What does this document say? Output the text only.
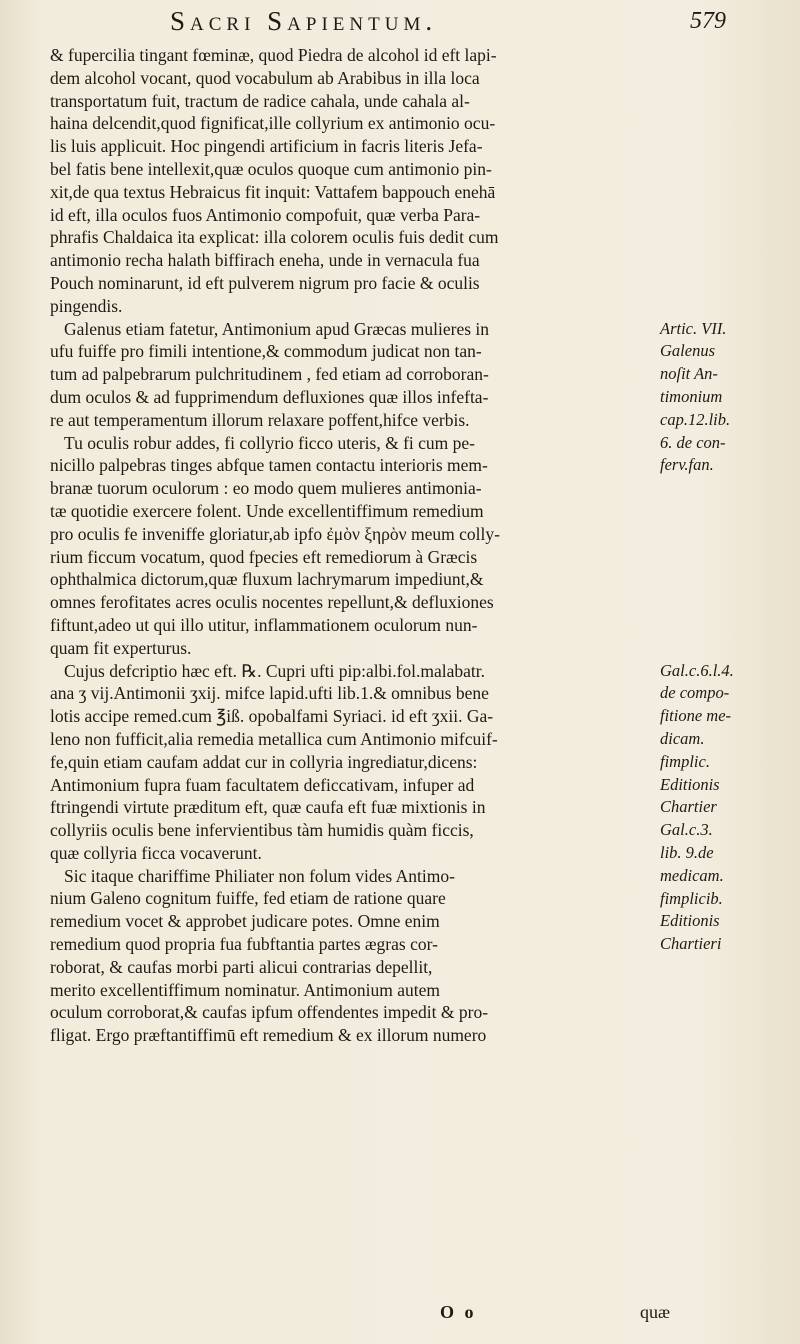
Sacri Sapientum.	579
& fupercilia tingant fœminæ, quod Piedra de alcohol id eft lapi-
dem alcohol vocant, quod vocabulum ab Arabibus in illa loca
transportatum fuit, tractum de radice cahala, unde cahala al-
haina delcendit,quod fignificat,ille collyrium ex antimonio ocu-
lis luis applicuit. Hoc pingendi artificium in facris literis Jefa-
bel fatis bene intellexit,quæ oculos quoque cum antimonio pin-
xit,de qua textus Hebraicus fit inquit: Vattafem bappouch enehā
id eft, illa oculos fuos Antimonio compofuit, quæ verba Para-
phrafis Chaldaica ita explicat: illa colorem oculis fuis dedit cum
antimonio recha halath biffirach eneha, unde in vernacula fua
Pouch nominarunt, id eft pulverem nigrum pro facie & oculis
pingendis.
Galenus etiam fatetur, Antimonium apud Græcas mulieres in
ufu fuiffe pro fimili intentione,& commodum judicat non tan-
tum ad palpebrarum pulchritudinem , fed etiam ad corroboran-
dum oculos & ad fupprimendum defluxiones quæ illos infefta-
re aut temperamentum illorum relaxare poffent,hifce verbis.
Tu oculis robur addes, fi collyrio ficco uteris, & fi cum pe-
nicillo palpebras tinges abfque tamen contactu interioris mem-
branæ tuorum oculorum : eo modo quem mulieres antimonia-
tæ quotidie exercere folent. Unde excellentiffimum remedium
pro oculis fe inveniffe gloriatur,ab ipfo ἐμὸν ξηρὸν meum colly-
rium ficcum vocatum, quod fpecies eft remediorum à Græcis
ophthalmica dictorum,quæ fluxum lachrymarum impediunt,&
omnes ferofitates acres oculis nocentes repellunt,& defluxiones
fiftunt,adeo ut qui illo utitur, inflammationem oculorum nun-
quam fit experturus.
Cujus defcriptio hæc eft. ℞. Cupri ufti pip:albi.fol.malabatr.
ana ʒ vij.Antimonii ʒxij. mifce lapid.ufti lib.1.& omnibus bene
lotis accipe remed.cum ℥iß. opobalfami Syriaci. id eft ʒxii. Ga-
leno non fufficit,alia remedia metallica cum Antimonio mifcuif-
fe,quin etiam caufam addat cur in collyria ingrediatur,dicens:
Antimonium fupra fuam facultatem deficcativam, infuper ad
ftringendi virtute præditum eft, quæ caufa eft fuæ mixtionis in
collyriis oculis bene infervientibus tàm humidis quàm ficcis,
quæ collyria ficca vocaverunt.
Sic itaque chariffime Philiater non folum vides Antimo-
nium Galeno cognitum fuiffe, fed etiam de ratione quare
remedium vocet & approbet judicare potes. Omne enim
remedium quod propria fua fubftantia partes ægras cor-
roborat, & caufas morbi parti alicui contrarias depellit,
merito excellentiffimum nominatur. Antimonium autem
oculum corroborat,& caufas ipfum offendentes impedit & pro-
fligat. Ergo præftantiffimū eft remedium & ex illorum numero
Artic. VII.
Galenus
noſit An-
timonium
cap.12.lib.
6. de con-
ferv.fan.
Gal.c.6.l.4.
de compo-
fitione me-
dicam.
fimplic.
Editionis
Chartier
Gal.c.3.
lib. 9.de
medicam.
fimplicib.
Editionis
Chartieri
O o	quæ
